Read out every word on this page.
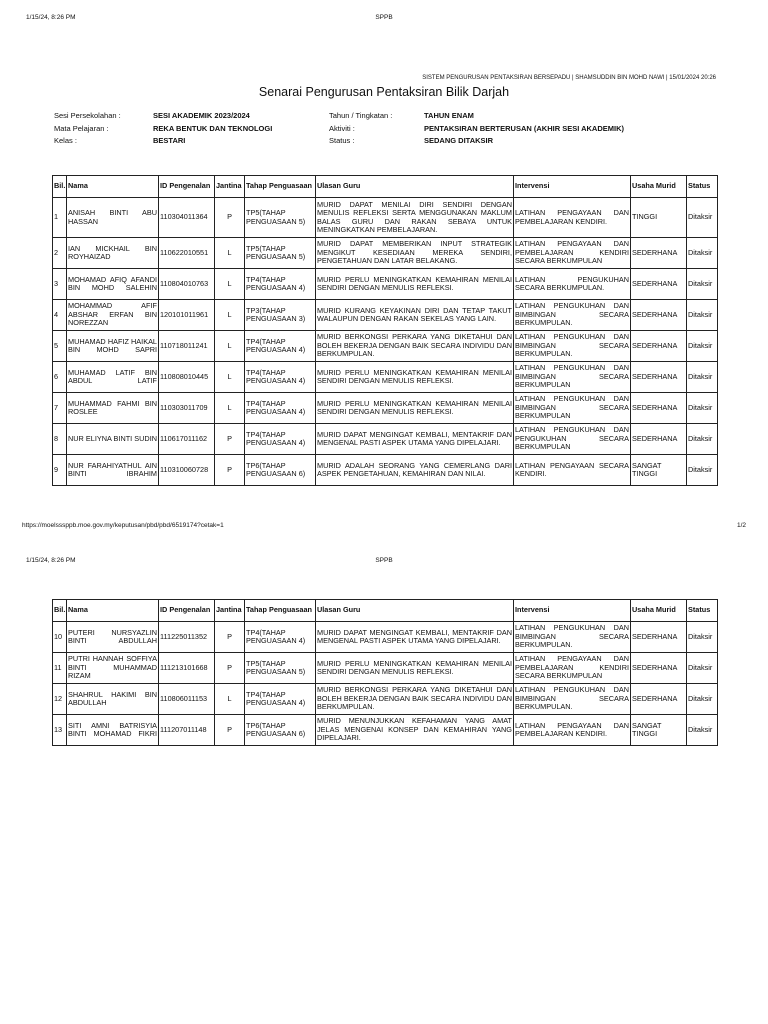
1/15/24, 8:26 PM	SPPB
SISTEM PENGURUSAN PENTAKSIRAN BERSEPADU | SHAMSUDDIN BIN MOHD NAWI | 15/01/2024 20:26
Senarai Pengurusan Pentaksiran Bilik Darjah
Sesi Persekolahan :	SESI AKADEMIK 2023/2024
Mata Pelajaran :	REKA BENTUK DAN TEKNOLOGI
Kelas :	BESTARI
Tahun / Tingkatan :	TAHUN ENAM
Aktiviti :	PENTAKSIRAN BERTERUSAN (AKHIR SESI AKADEMIK)
Status :	SEDANG DITAKSIR
Bil.	Nama	ID Pengenalan	Jantina	Tahap Penguasaan	Ulasan Guru	Intervensi	Usaha Murid	Status
1	ANISAH BINTI ABU HASSAN	110304011364	P	TP5(TAHAP PENGUASAAN 5)	MURID DAPAT MENILAI DIRI SENDIRI DENGAN MENULIS REFLEKSI SERTA MENGGUNAKAN MAKLUM BALAS GURU DAN RAKAN SEBAYA UNTUK MENINGKATKAN PEMBELAJARAN.	LATIHAN PENGAYAAN DAN PEMBELAJARAN KENDIRI.	TINGGI	Ditaksir
2	IAN MICKHAIL BIN ROYHAIZAD	110622010551	L	TP5(TAHAP PENGUASAAN 5)	MURID DAPAT MEMBERIKAN INPUT STRATEGIK MENGIKUT KESEDIAAN MEREKA SENDIRI, PENGETAHUAN DAN LATAR BELAKANG.	LATIHAN PENGAYAAN DAN PEMBELAJARAN KENDIRI SECARA BERKUMPULAN	SEDERHANA	Ditaksir
3	MOHAMAD AFIQ AFANDI BIN MOHD SALEHIN	110804010763	L	TP4(TAHAP PENGUASAAN 4)	MURID PERLU MENINGKATKAN KEMAHIRAN MENILAI SENDIRI DENGAN MENULIS REFLEKSI.	LATIHAN PENGUKUHAN SECARA BERKUMPULAN.	SEDERHANA	Ditaksir
4	MOHAMMAD AFIF ABSHAR ERFAN BIN NOREZZAN	120101011961	L	TP3(TAHAP PENGUASAAN 3)	MURID KURANG KEYAKINAN DIRI DAN TETAP TAKUT WALAUPUN DENGAN RAKAN SEKELAS YANG LAIN.	LATIHAN PENGUKUHAN DAN BIMBINGAN SECARA BERKUMPULAN.	SEDERHANA	Ditaksir
5	MUHAMAD HAFIZ HAIKAL BIN MOHD SAPRI	110718011241	L	TP4(TAHAP PENGUASAAN 4)	MURID BERKONGSI PERKARA YANG DIKETAHUI DAN BOLEH BEKERJA DENGAN BAIK SECARA INDIVIDU DAN BERKUMPULAN.	LATIHAN PENGUKUHAN DAN BIMBINGAN SECARA BERKUMPULAN.	SEDERHANA	Ditaksir
6	MUHAMAD LATIF BIN ABDUL LATIF	110808010445	L	TP4(TAHAP PENGUASAAN 4)	MURID PERLU MENINGKATKAN KEMAHIRAN MENILAI SENDIRI DENGAN MENULIS REFLEKSI.	LATIHAN PENGUKUHAN DAN BIMBINGAN SECARA BERKUMPULAN	SEDERHANA	Ditaksir
7	MUHAMMAD FAHMI BIN ROSLEE	110303011709	L	TP4(TAHAP PENGUASAAN 4)	MURID PERLU MENINGKATKAN KEMAHIRAN MENILAI SENDIRI DENGAN MENULIS REFLEKSI.	LATIHAN PENGUKUHAN DAN BIMBINGAN SECARA BERKUMPULAN	SEDERHANA	Ditaksir
8	NUR ELIYNA BINTI SUDIN	110617011162	P	TP4(TAHAP PENGUASAAN 4)	MURID DAPAT MENGINGAT KEMBALI, MENTAKRIF DAN MENGENAL PASTI ASPEK UTAMA YANG DIPELAJARI.	LATIHAN PENGUKUHAN DAN PENGUKUHAN SECARA BERKUMPULAN	SEDERHANA	Ditaksir
9	NUR FARAHIYATHUL AIN BINTI IBRAHIM	110310060728	P	TP6(TAHAP PENGUASAAN 6)	MURID ADALAH SEORANG YANG CEMERLANG DARI ASPEK PENGETAHUAN, KEMAHIRAN DAN NILAI.	LATIHAN PENGAYAAN SECARA KENDIRI.	SANGAT TINGGI	Ditaksir
https://moelsssppb.moe.gov.my/keputusan/pbd/pbd/6519174?cetak=1	1/2
1/15/24, 8:26 PM	SPPB
Bil.	Nama	ID Pengenalan	Jantina	Tahap Penguasaan	Ulasan Guru	Intervensi	Usaha Murid	Status
10	PUTERI NURSYAZLIN BINTI ABDULLAH	111225011352	P	TP4(TAHAP PENGUASAAN 4)	MURID DAPAT MENGINGAT KEMBALI, MENTAKRIF DAN MENGENAL PASTI ASPEK UTAMA YANG DIPELAJARI.	LATIHAN PENGUKUHAN DAN BIMBINGAN SECARA BERKUMPULAN.	SEDERHANA	Ditaksir
11	PUTRI HANNAH SOFFIYA BINTI MUHAMMAD RIZAM	111213101668	P	TP5(TAHAP PENGUASAAN 5)	MURID PERLU MENINGKATKAN KEMAHIRAN MENILAI SENDIRI DENGAN MENULIS REFLEKSI.	LATIHAN PENGAYAAN DAN PEMBELAJARAN KENDIRI SECARA BERKUMPULAN	SEDERHANA	Ditaksir
12	SHAHRUL HAKIMI BIN ABDULLAH	110806011153	L	TP4(TAHAP PENGUASAAN 4)	MURID BERKONGSI PERKARA YANG DIKETAHUI DAN BOLEH BEKERJA DENGAN BAIK SECARA INDIVIDU DAN BERKUMPULAN.	LATIHAN PENGUKUHAN DAN BIMBINGAN SECARA BERKUMPULAN.	SEDERHANA	Ditaksir
13	SITI AMNI BATRISYIA BINTI MOHAMAD FIKRI	111207011148	P	TP6(TAHAP PENGUASAAN 6)	MURID MENUNJUKKAN KEFAHAMAN YANG AMAT JELAS MENGENAI KONSEP DAN KEMAHIRAN YANG DIPELAJARI.	LATIHAN PENGAYAAN DAN PEMBELAJARAN KENDIRI.	SANGAT TINGGI	Ditaksir
